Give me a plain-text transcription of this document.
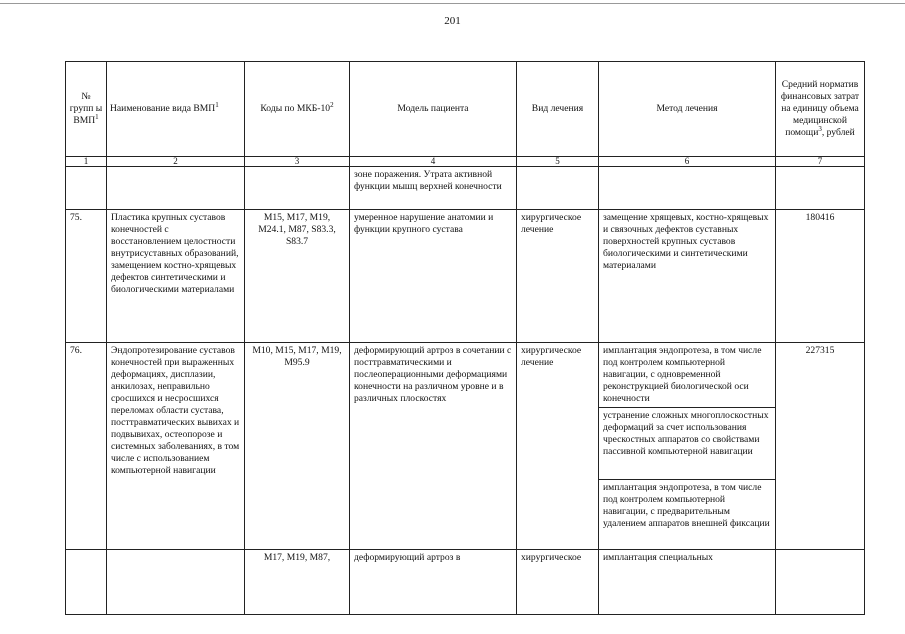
201
№ групп ы ВМП$^1$	Наименование вида ВМП$^1$	Коды по МКБ-$10^2$	Модель пациента	Вид лечения	Метод лечения	Средний норматив финансовых затрат на единицу объема медицинской помощи$^3$, рублей
1	2	3	4	5	6	7
			зоне поражения. Утрата активной функции мышц верхней конечности			
75.	Пластика крупных суставов конечностей с восстановлением целостности внутрисуставных образований, замещением костно-хрящевых дефектов синтетическими и биологическими материалами	M15, M17, M19, M24.1, M87, S83.3, S83.7	умеренное нарушение анатомии и функции крупного сустава	хирургическое лечение	замещение хрящевых, костно-хрящевых и связочных дефектов суставных поверхностей крупных суставов биологическими и синтетическими материалами	180416
76.	Эндопротезирование суставов конечностей при выраженных деформациях, дисплазии, анкилозах, неправильно сросшихся и несросшихся переломах области сустава, посттравматических вывихах и подвывихах, остеопорозе и системных заболеваниях, в том числе с использованием компьютерной навигации	M10, M15, M17, M19, M95.9	деформирующий артроз в сочетании с посттравматическими и послеоперационными деформациями конечности на различном уровне и в различных плоскостях	хирургическое лечение	имплантация эндопротеза, в том числе под контролем компьютерной навигации, с одновременной реконструкцией биологической оси конечности	227315
					устранение сложных многоплоскостных деформаций за счет использования чрескостных аппаратов со свойствами пассивной компьютерной навигации	
					имплантация эндопротеза, в том числе под контролем компьютерной навигации, с предварительным удалением аппаратов внешней фиксации	
		M17, M19, M87,	деформирующий артроз в	хирургическое	имплантация специальных	
